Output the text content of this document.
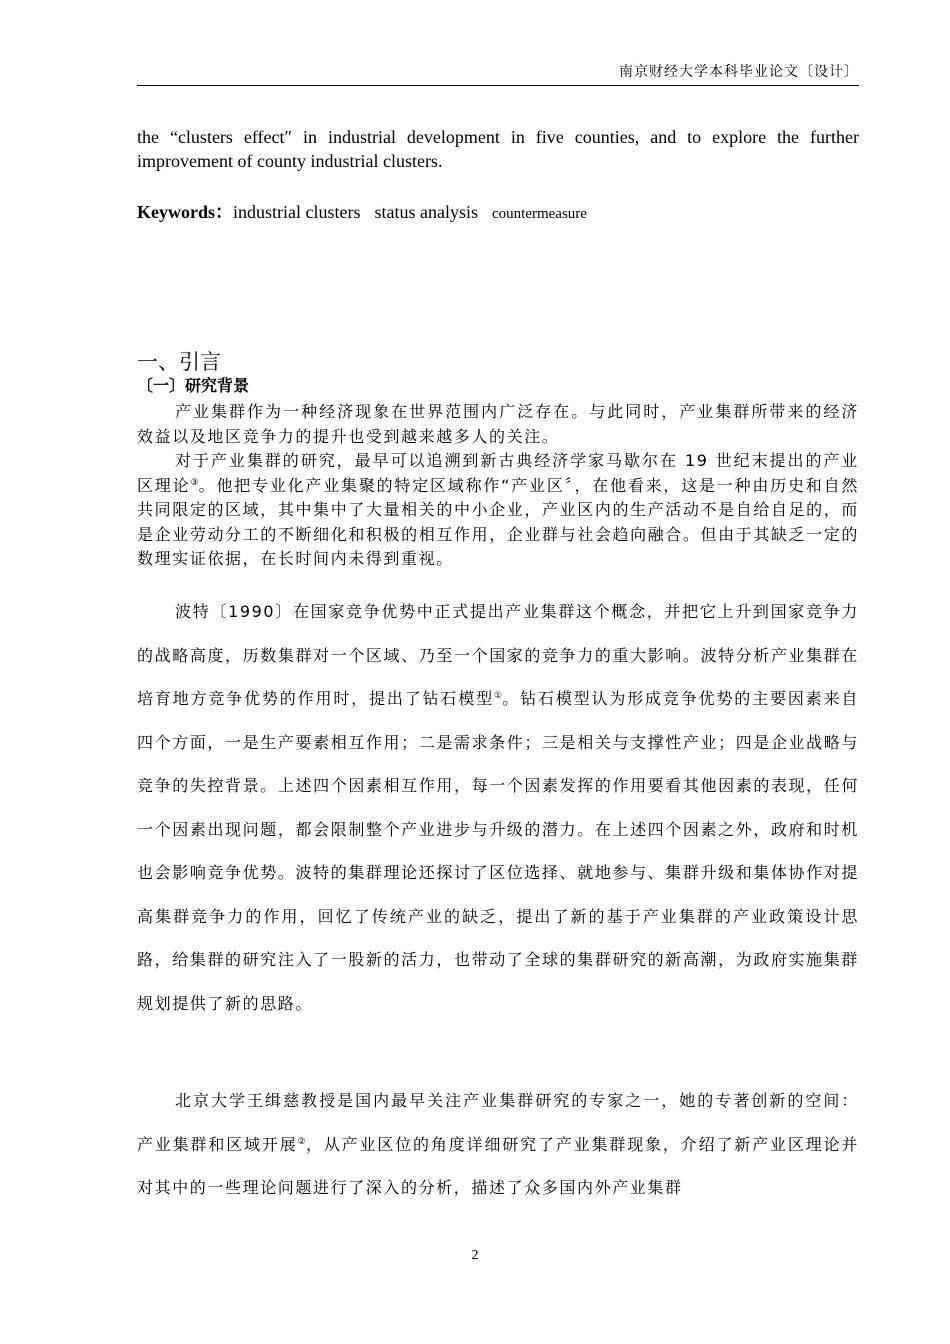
南京财经大学本科毕业论文〔设计〕

the “clusters effect″ in industrial development in five counties, and to explore the further improvement of county industrial clusters.

Keywords：industrial clusters status analysis countermeasure
一、引言
〔一〕研究背景

产业集群作为一种经济现象在世界范围内广泛存在。与此同时，产业集群所带来的经济效益以及地区竞争力的提升也受到越来越多人的关注。

对于产业集群的研究，最早可以追溯到新古典经济学家马歇尔在 19 世纪末提出的产业区理论③。他把专业化产业集聚的特定区域称作“产业区〞，在他看来，这是一种由历史和自然共同限定的区域，其中集中了大量相关的中小企业，产业区内的生产活动不是自给自足的，而是企业劳动分工的不断细化和积极的相互作用，企业群与社会趋向融合。但由于其缺乏一定的数理实证依据，在长时间内未得到重视。

波特〔1990〕在国家竞争优势中正式提出产业集群这个概念，并把它上升到国家竞争力的战略高度，历数集群对一个区域、乃至一个国家的竞争力的重大影响。波特分析产业集群在培育地方竞争优势的作用时，提出了钻石模型①。钻石模型认为形成竞争优势的主要因素来自四个方面，一是生产要素相互作用；二是需求条件；三是相关与支撑性产业；四是企业战略与竞争的失控背景。上述四个因素相互作用，每一个因素发挥的作用要看其他因素的表现，任何一个因素出现问题，都会限制整个产业进步与升级的潜力。在上述四个因素之外，政府和时机也会影响竞争优势。波特的集群理论还探讨了区位选择、就地参与、集群升级和集体协作对提高集群竞争力的作用，回忆了传统产业的缺乏，提出了新的基于产业集群的产业政策设计思路，给集群的研究注入了一股新的活力，也带动了全球的集群研究的新高潮，为政府实施集群规划提供了新的思路。

北京大学王缉慈教授是国内最早关注产业集群研究的专家之一，她的专著创新的空间：产业集群和区域开展②，从产业区位的角度详细研究了产业集群现象，介绍了新产业区理论并对其中的一些理论问题进行了深入的分析，描述了众多国内外产业集群

2
